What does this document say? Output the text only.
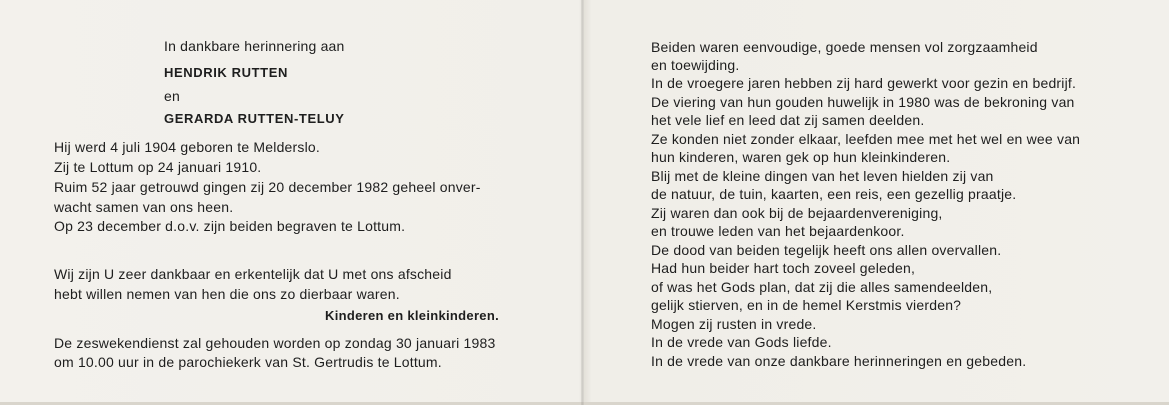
In dankbare herinnering aan
HENDRIK RUTTEN
en
GERARDA RUTTEN-TELUY
Hij werd 4 juli 1904 geboren te Melderslo.
Zij te Lottum op 24 januari 1910.
Ruim 52 jaar getrouwd gingen zij 20 december 1982 geheel onver-
wacht samen van ons heen.
Op 23 december d.o.v. zijn beiden begraven te Lottum.
Wij zijn U zeer dankbaar en erkentelijk dat U met ons afscheid
hebt willen nemen van hen die ons zo dierbaar waren.
Kinderen en kleinkinderen.
De zeswekendienst zal gehouden worden op zondag 30 januari 1983
om 10.00 uur in de parochiekerk van St. Gertrudis te Lottum.
Beiden waren eenvoudige, goede mensen vol zorgzaamheid
en toewijding.
In de vroegere jaren hebben zij hard gewerkt voor gezin en bedrijf.
De viering van hun gouden huwelijk in 1980 was de bekroning van
het vele lief en leed dat zij samen deelden.
Ze konden niet zonder elkaar, leefden mee met het wel en wee van
hun kinderen, waren gek op hun kleinkinderen.
Blij met de kleine dingen van het leven hielden zij van
de natuur, de tuin, kaarten, een reis, een gezellig praatje.
Zij waren dan ook bij de bejaardenvereniging,
en trouwe leden van het bejaardenkoor.
De dood van beiden tegelijk heeft ons allen overvallen.
Had hun beider hart toch zoveel geleden,
of was het Gods plan, dat zij die alles samendeelden,
gelijk stierven, en in de hemel Kerstmis vierden?
Mogen zij rusten in vrede.
In de vrede van Gods liefde.
In de vrede van onze dankbare herinneringen en gebeden.
